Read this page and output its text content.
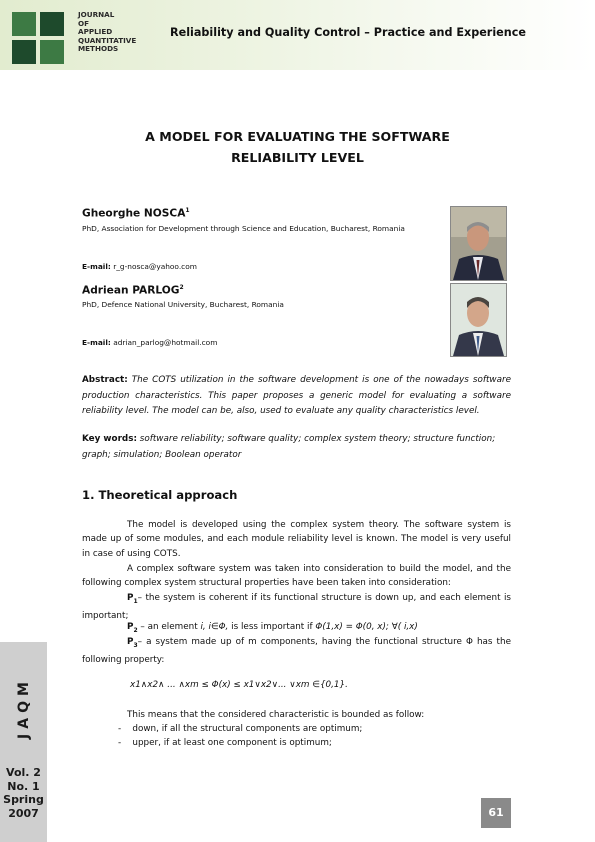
JOURNAL
OF
APPLIED
QUANTITATIVE
METHODS
Reliability and Quality Control – Practice and Experience
A MODEL FOR EVALUATING THE SOFTWARE
RELIABILITY LEVEL
Gheorghe NOSCA$^1$
PhD, Association for Development through Science and Education, Bucharest, Romania
E-mail: r_g-nosca@yahoo.com
Adriean PARLOG$^2$
PhD, Defence National University, Bucharest, Romania
E-mail: adrian_parlog@hotmail.com
Abstract: The COTS utilization in the software development is one of the nowadays software production characteristics. This paper proposes a generic model for evaluating a software reliability level. The model can be, also, used to evaluate any quality characteristics level.
Key words: software reliability; software quality; complex system theory; structure function; graph; simulation; Boolean operator
1. Theoretical approach
The model is developed using the complex system theory. The software system is made up of some modules, and each module reliability level is known. The model is very useful in case of using COTS.
A complex software system was taken into consideration to build the model, and the following complex system structural properties have been taken into consideration:
$P_1-$ the system is coherent if its functional structure is down up, and each element is important;
$P_2$ – an element i, i∈Φ, is less important if Φ(1,x) = Φ(0, x); ∀( i,x)
$P_3-$ a system made up of m components, having the functional structure Φ has the following property:
x1∧x2∧ ... ∧xm ≤ Φ(x) ≤ x1∨x2∨... ∨xm ∈{0,1}.
This means that the considered characteristic is bounded as follow:
-    down, if all the structural components are optimum;
-    upper, if at least one component is optimum;
JAQM
Vol. 2
No. 1
Spring
2007	61
